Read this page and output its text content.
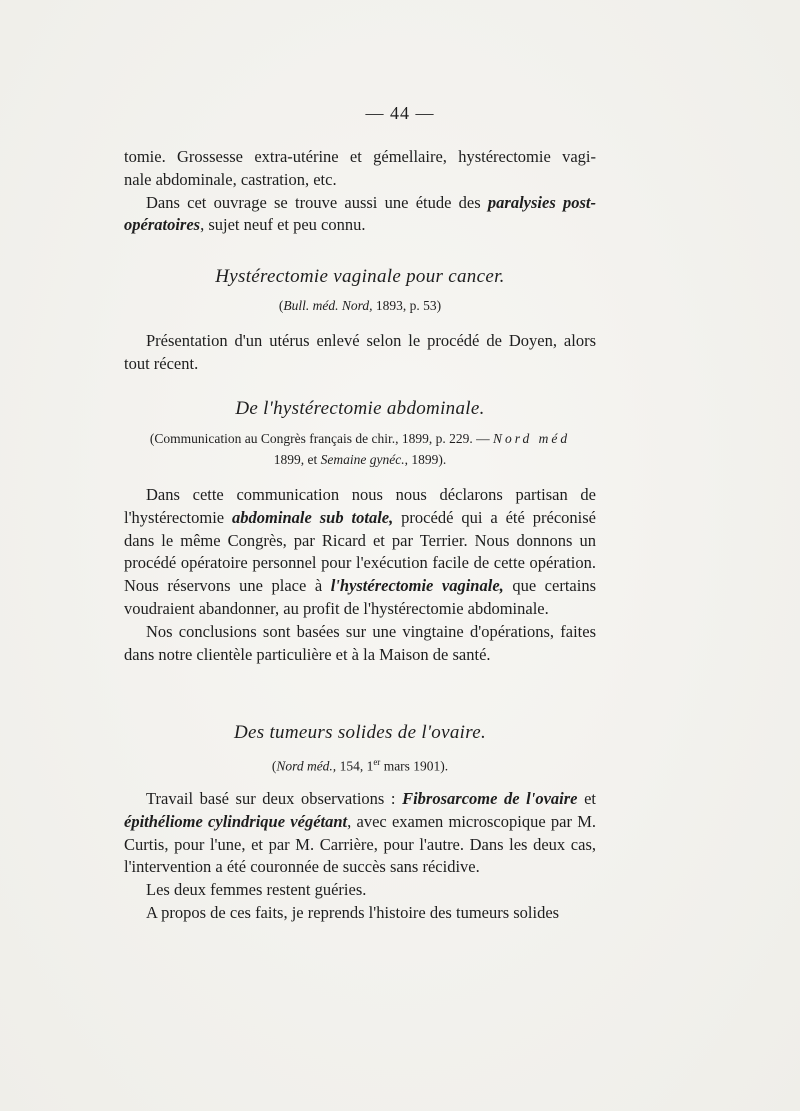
— 44 —

tomie. Grossesse extra-utérine et gémellaire, hystérectomie vagi-

nale abdominale, castration, etc.

Dans cet ouvrage se trouve aussi une étude des paralysies post-opératoires, sujet neuf et peu connu.

Hystérectomie vaginale pour cancer.
(Bull. méd. Nord, 1893, p. 53)

Présentation d'un utérus enlevé selon le procédé de Doyen, alors tout récent.

De l'hystérectomie abdominale.
(Communication au Congrès français de chir., 1899, p. 229. — Nord méd
1899, et Semaine gynéc., 1899).

Dans cette communication nous nous déclarons partisan de l'hystérectomie abdominale sub totale, procédé qui a été préconisé dans le même Congrès, par Ricard et par Terrier. Nous donnons un procédé opératoire personnel pour l'exécution facile de cette opération. Nous réservons une place à l'hystérectomie vaginale, que certains voudraient abandonner, au profit de l'hystérectomie abdominale.

Nos conclusions sont basées sur une vingtaine d'opérations, faites dans notre clientèle particulière et à la Maison de santé.

Des tumeurs solides de l'ovaire.
(Nord méd., 154, 1er mars 1901).

Travail basé sur deux observations : Fibrosarcome de l'ovaire et épithéliome cylindrique végétant, avec examen microscopique par M. Curtis, pour l'une, et par M. Carrière, pour l'autre. Dans les deux cas, l'intervention a été couronnée de succès sans récidive.

Les deux femmes restent guéries.

A propos de ces faits, je reprends l'histoire des tumeurs solides
